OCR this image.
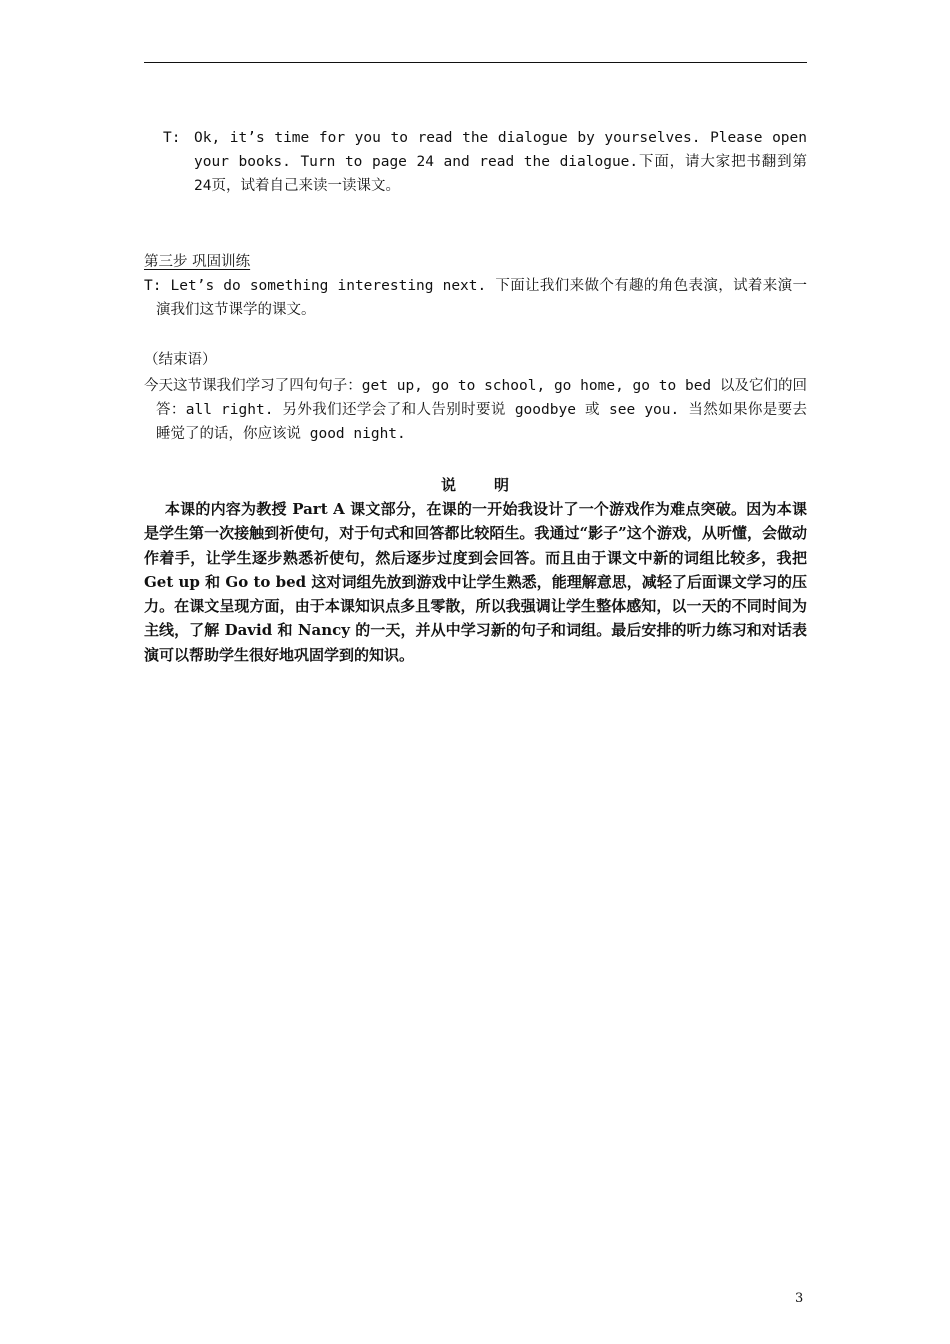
T: Ok, it’s time for you to read the dialogue by yourselves. Please open your books. Turn to page 24 and read the dialogue.下面，请大家把书翻到第24页，试着自己来读一读课文。
第三步 巩固训练
T: Let’s do something interesting next. 下面让我们来做个有趣的角色表演，试着来演一演我们这节课学的课文。
（结束语）
今天这节课我们学习了四句句子：get up, go to school, go home, go to bed 以及它们的回答：all right. 另外我们还学会了和人告别时要说 goodbye 或 see you. 当然如果你是要去睡觉了的话，你应该说 good night.
说	明
本课的内容为教授 Part A 课文部分，在课的一开始我设计了一个游戏作为难点突破。因为本课是学生第一次接触到祈使句，对于句式和回答都比较陌生。我通过“影子”这个游戏，从听懂，会做动作着手，让学生逐步熟悉祈使句，然后逐步过度到会回答。而且由于课文中新的词组比较多，我把 Get up 和 Go to bed 这对词组先放到游戏中让学生熟悉，能理解意思，减轻了后面课文学习的压力。在课文呈现方面，由于本课知识点多且零散，所以我强调让学生整体感知，以一天的不同时间为主线，了解 David 和 Nancy 的一天，并从中学习新的句子和词组。最后安排的听力练习和对话表演可以帮助学生很好地巩固学到的知识。
3
